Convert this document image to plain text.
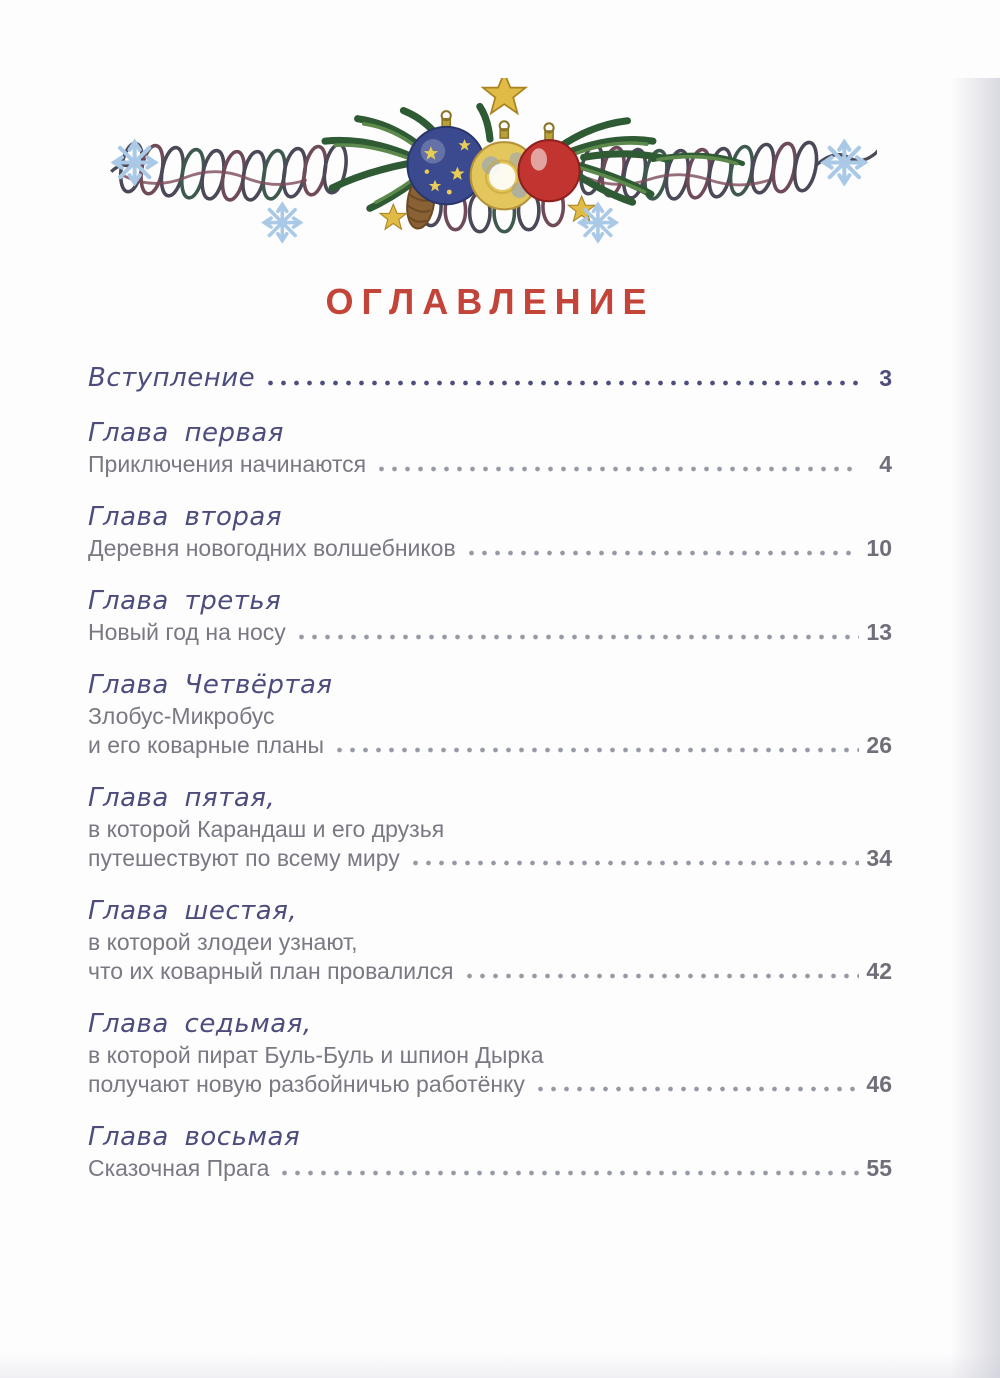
ОГЛАВЛЕНИЕ
Вступление	3
Глава первая
Приключения начинаются	4
Глава вторая
Деревня новогодних волшебников	10
Глава третья
Новый год на носу	13
Глава Четвёртая
Злобус-Микробус
и его коварные планы	26
Глава пятая,
в которой Карандаш и его друзья
путешествуют по всему миру	34
Глава шестая,
в которой злодеи узнают,
что их коварный план провалился	42
Глава седьмая,
в которой пират Буль-Буль и шпион Дырка
получают новую разбойничью работёнку	46
Глава восьмая
Сказочная Прага	55
